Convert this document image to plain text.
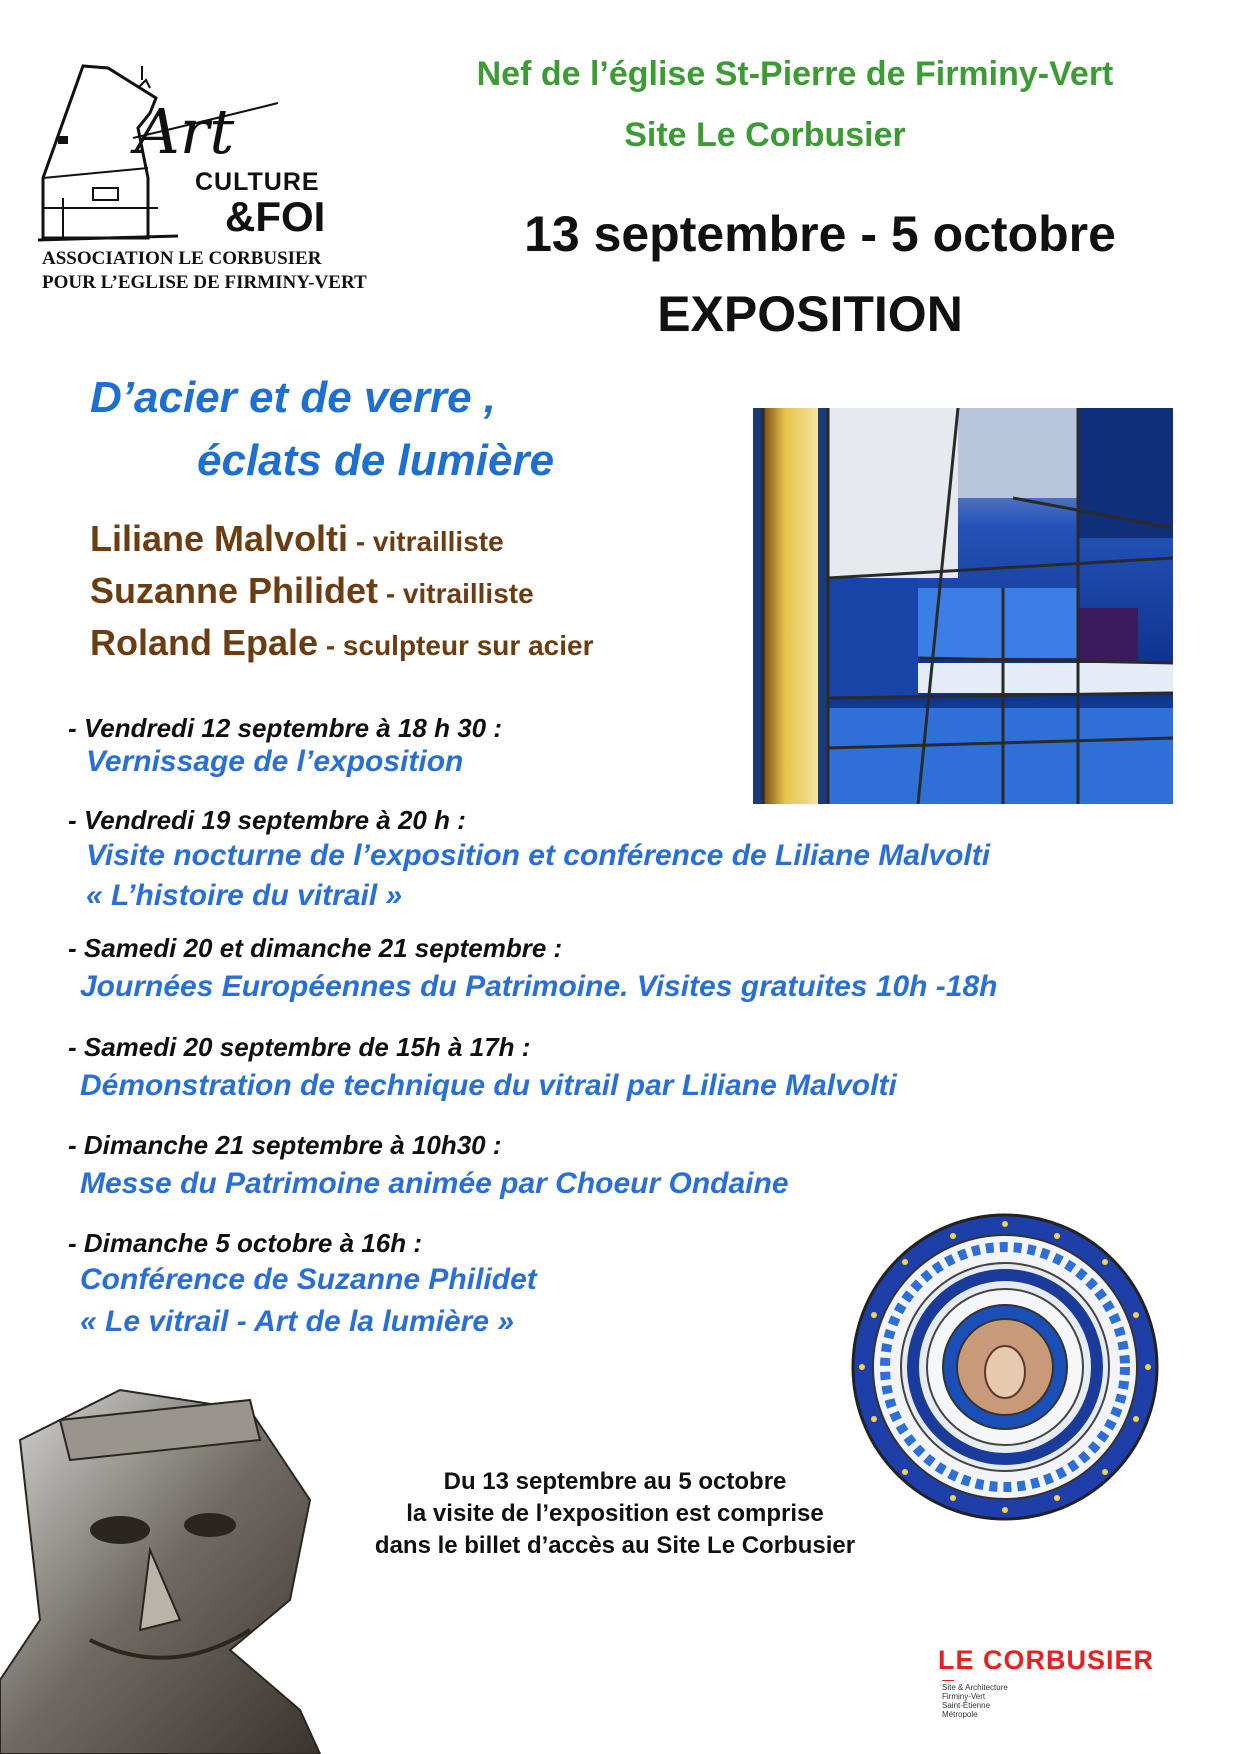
Art
CULTURE
&FOI
ASSOCIATION LE CORBUSIER
POUR L’EGLISE DE FIRMINY-VERT
Nef de l’église St-Pierre de Firminy-Vert
Site Le Corbusier
13 septembre - 5 octobre
EXPOSITION
D’acier et de verre ,
éclats de lumière
Liliane Malvolti - vitrailliste
Suzanne Philidet - vitrailliste
Roland Epale - sculpteur sur acier
- Vendredi 12 septembre à 18 h 30 :
Vernissage de l’exposition
- Vendredi 19 septembre à 20 h :
Visite nocturne de l’exposition et conférence de Liliane Malvolti
« L’histoire du vitrail »
- Samedi 20 et dimanche 21 septembre :
Journées Européennes du Patrimoine. Visites gratuites 10h -18h
- Samedi 20 septembre de 15h à 17h :
Démonstration de technique du vitrail par Liliane Malvolti
- Dimanche 21 septembre à 10h30 :
Messe du Patrimoine animée par Choeur Ondaine
- Dimanche 5 octobre à 16h :
Conférence de Suzanne Philidet
« Le vitrail - Art de la lumière »
Du 13 septembre au 5 octobre
la visite de l’exposition est comprise
dans le billet d’accès au Site Le Corbusier
LE CORBUSIER
Site & Architecture
Firminy-Vert
Saint-Étienne
Métropole
